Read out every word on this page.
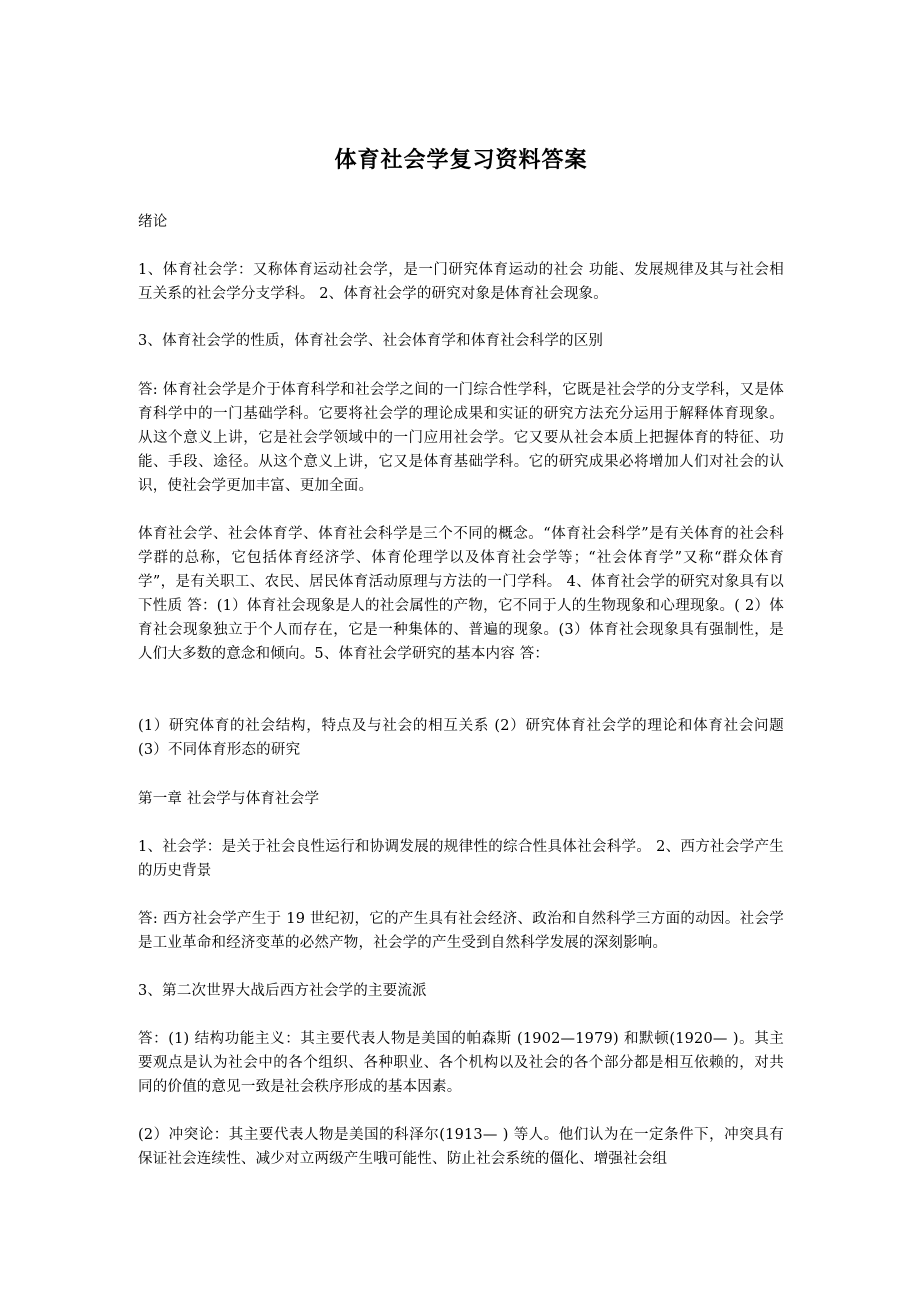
体育社会学复习资料答案

绪论

1、体育社会学：又称体育运动社会学，是一门研究体育运动的社会 功能、发展规律及其与社会相互关系的社会学分支学科。 2、体育社会学的研究对象是体育社会现象。

3、体育社会学的性质，体育社会学、社会体育学和体育社会科学的区别

答: 体育社会学是介于体育科学和社会学之间的一门综合性学科，它既是社会学的分支学科，又是体育科学中的一门基础学科。它要将社会学的理论成果和实证的研究方法充分运用于解释体育现象。从这个意义上讲，它是社会学领域中的一门应用社会学。它又要从社会本质上把握体育的特征、功能、手段、途径。从这个意义上讲，它又是体育基础学科。它的研究成果必将增加人们对社会的认识，使社会学更加丰富、更加全面。

体育社会学、社会体育学、体育社会科学是三个不同的概念。“体育社会科学”是有关体育的社会科学群的总称，它包括体育经济学、体育伦理学以及体育社会学等；“社会体育学”又称“群众体育学”，是有关职工、农民、居民体育活动原理与方法的一门学科。 4、体育社会学的研究对象具有以下性质 答：(1）体育社会现象是人的社会属性的产物，它不同于人的生物现象和心理现象。( 2）体育社会现象独立于个人而存在，它是一种集体的、普遍的现象。(3）体育社会现象具有强制性，是人们大多数的意念和倾向。5、体育社会学研究的基本内容 答：

(1）研究体育的社会结构，特点及与社会的相互关系 (2）研究体育社会学的理论和体育社会问题 (3）不同体育形态的研究

第一章 社会学与体育社会学

1、社会学：是关于社会良性运行和协调发展的规律性的综合性具体社会科学。 2、西方社会学产生的历史背景

答: 西方社会学产生于 19 世纪初，它的产生具有社会经济、政治和自然科学三方面的动因。社会学是工业革命和经济变革的必然产物，社会学的产生受到自然科学发展的深刻影响。

3、第二次世界大战后西方社会学的主要流派

答：(1) 结构功能主义：其主要代表人物是美国的帕森斯 (1902—1979) 和默顿(1920— )。其主要观点是认为社会中的各个组织、各种职业、各个机构以及社会的各个部分都是相互依赖的，对共同的价值的意见一致是社会秩序形成的基本因素。

(2）冲突论：其主要代表人物是美国的科泽尔(1913— ) 等人。他们认为在一定条件下，冲突具有保证社会连续性、减少对立两级产生哦可能性、防止社会系统的僵化、增强社会组
